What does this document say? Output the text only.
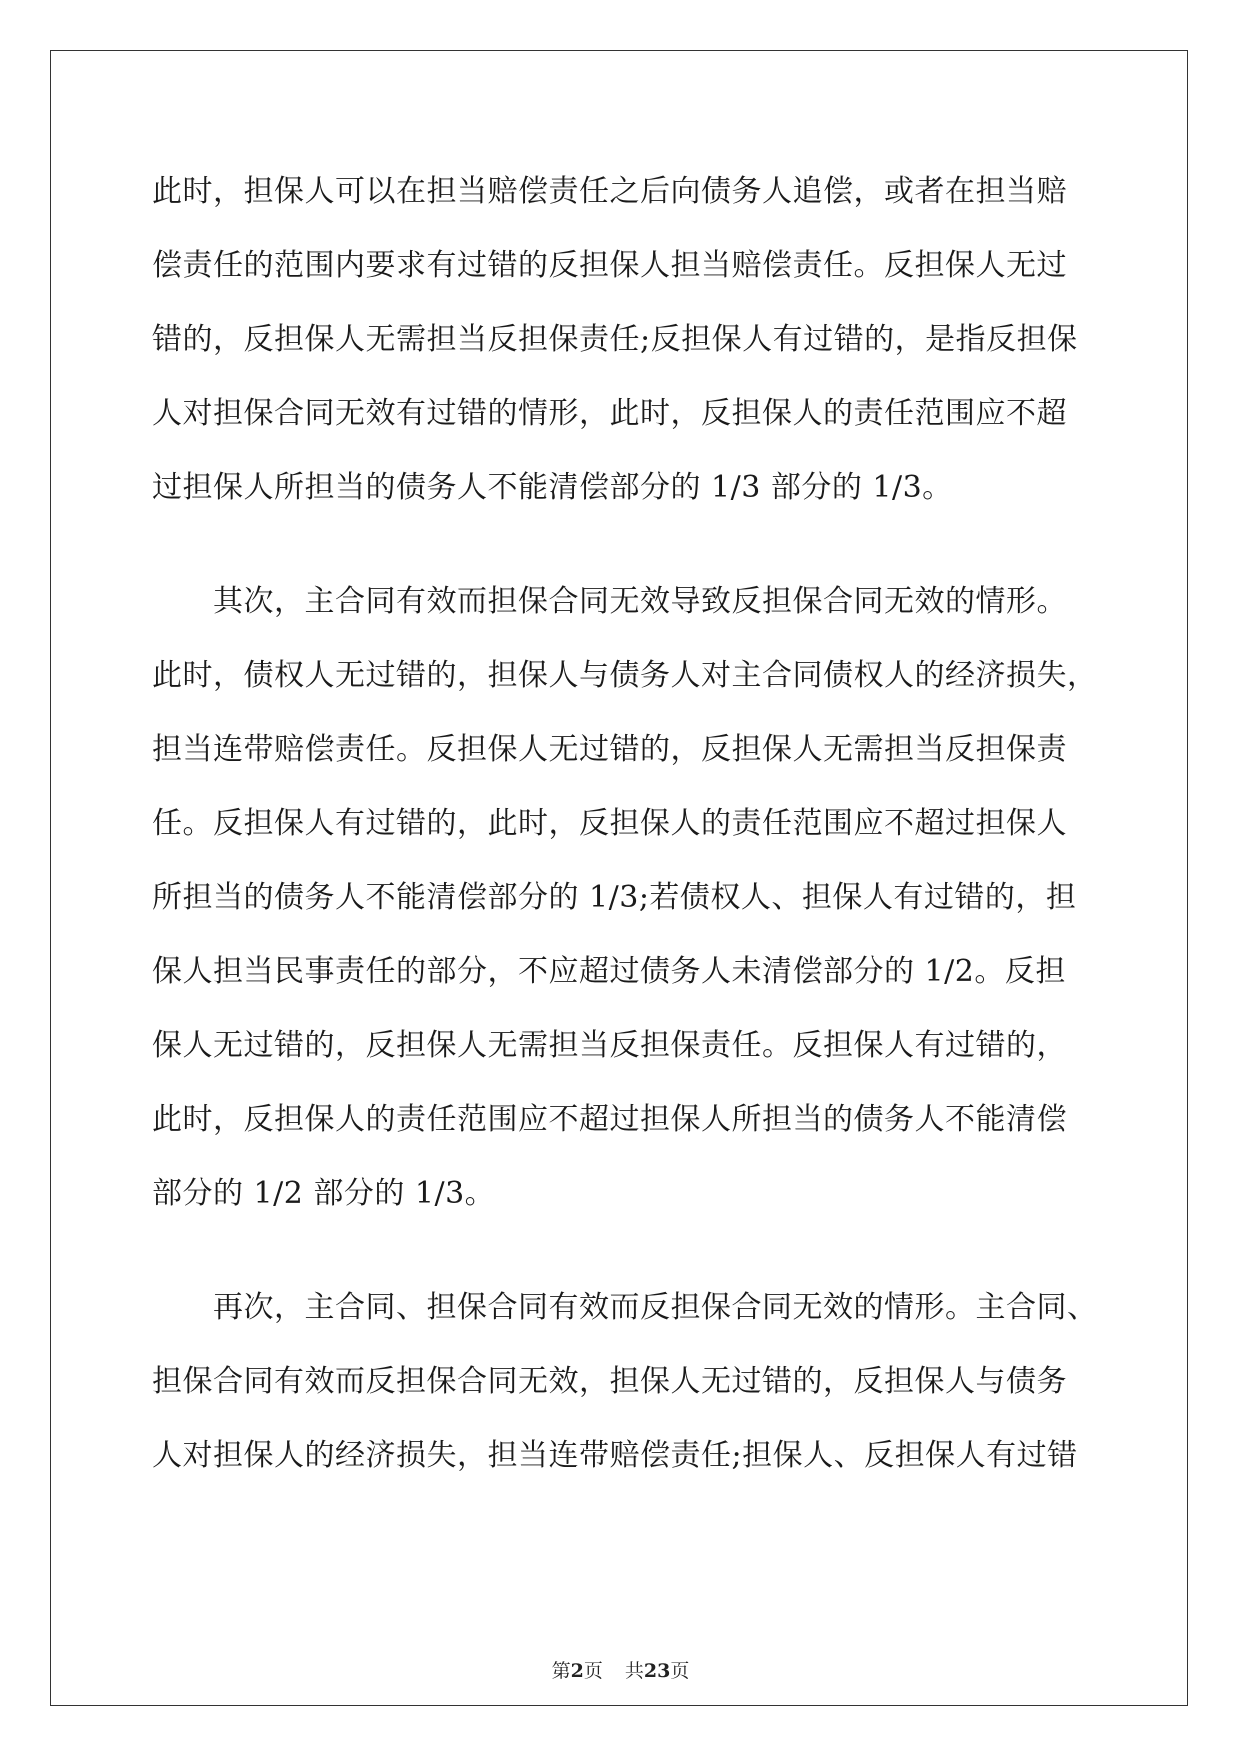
此时，担保人可以在担当赔偿责任之后向债务人追偿，或者在担当赔
偿责任的范围内要求有过错的反担保人担当赔偿责任。反担保人无过
错的，反担保人无需担当反担保责任;反担保人有过错的，是指反担保
人对担保合同无效有过错的情形，此时，反担保人的责任范围应不超
过担保人所担当的债务人不能清偿部分的 1/3 部分的 1/3。
　　其次，主合同有效而担保合同无效导致反担保合同无效的情形。
此时，债权人无过错的，担保人与债务人对主合同债权人的经济损失，
担当连带赔偿责任。反担保人无过错的，反担保人无需担当反担保责
任。反担保人有过错的，此时，反担保人的责任范围应不超过担保人
所担当的债务人不能清偿部分的 1/3;若债权人、担保人有过错的，担
保人担当民事责任的部分，不应超过债务人未清偿部分的 1/2。反担
保人无过错的，反担保人无需担当反担保责任。反担保人有过错的，
此时，反担保人的责任范围应不超过担保人所担当的债务人不能清偿
部分的 1/2 部分的 1/3。
　　再次，主合同、担保合同有效而反担保合同无效的情形。主合同、
担保合同有效而反担保合同无效，担保人无过错的，反担保人与债务
人对担保人的经济损失，担当连带赔偿责任;担保人、反担保人有过错
第2页 共23页
